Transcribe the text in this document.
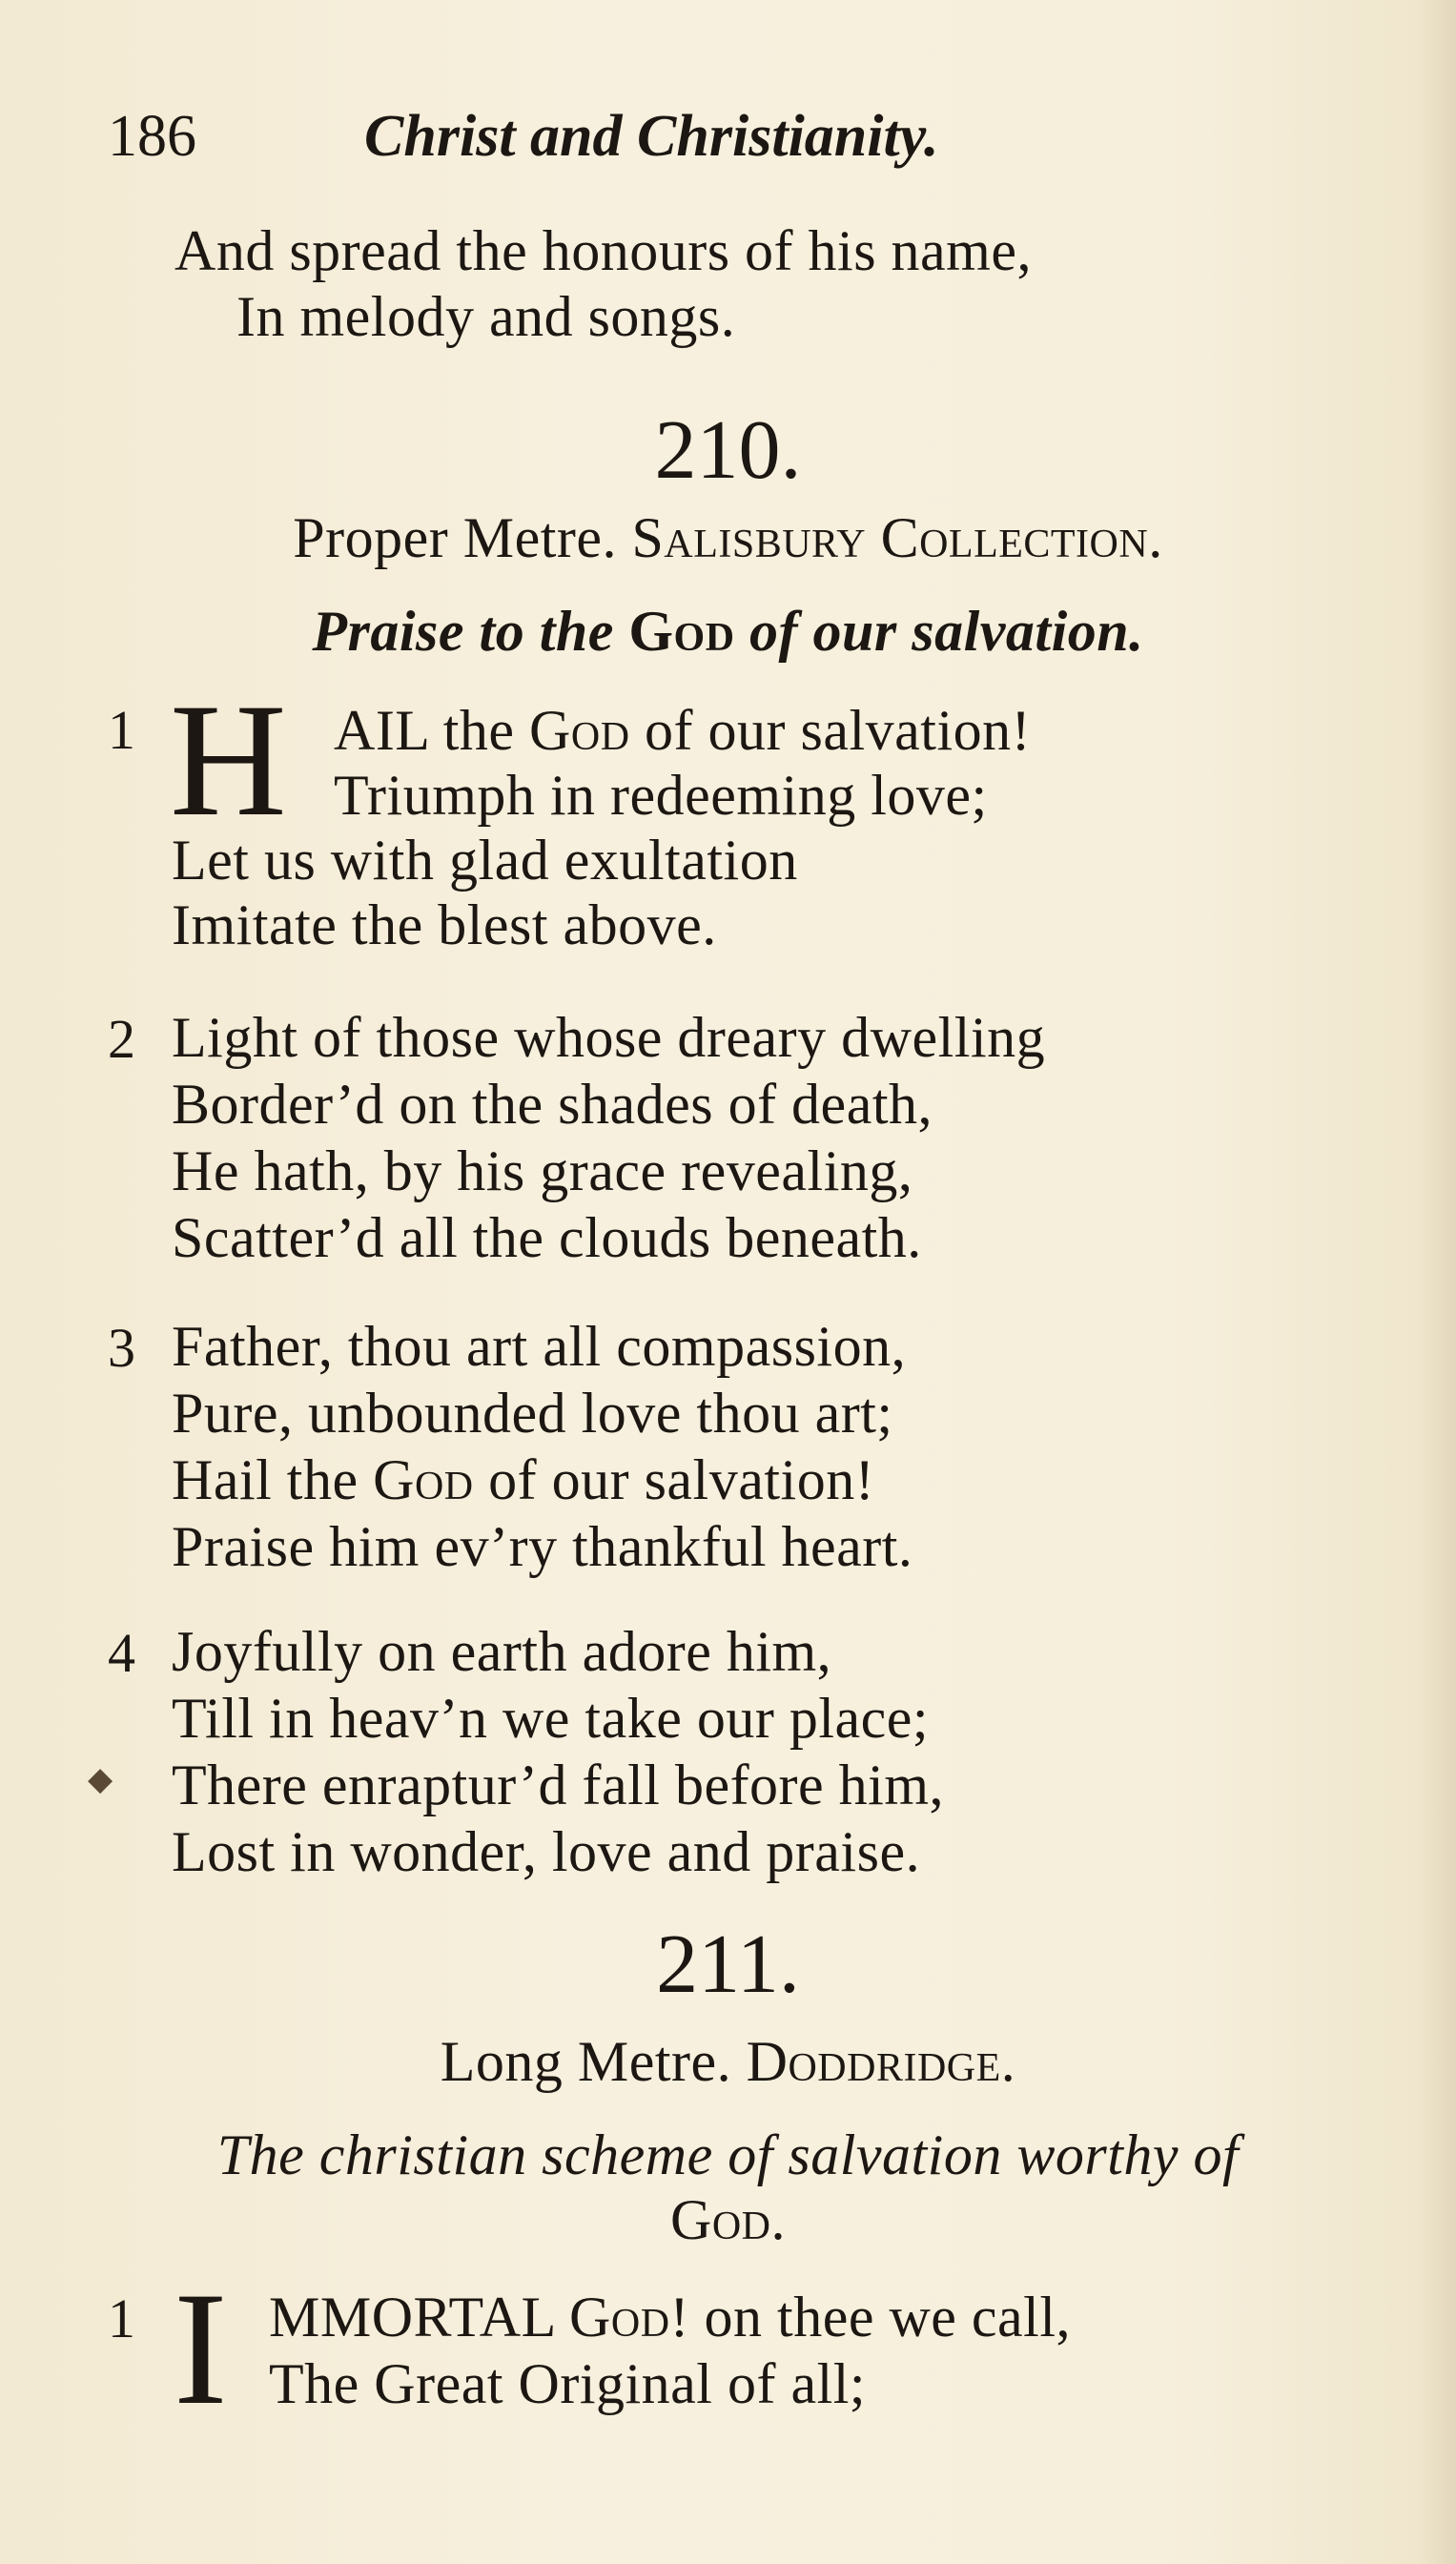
186	Christ and Christianity.
And spread the honours of his name,
In melody and songs.
210.
Proper Metre. Salisbury Collection.
Praise to the God of our salvation.
1 H AIL the God of our salvation!
Triumph in redeeming love;
Let us with glad exultation
Imitate the blest above.
2 Light of those whose dreary dwelling
Border’d on the shades of death,
He hath, by his grace revealing,
Scatter’d all the clouds beneath.
3 Father, thou art all compassion,
Pure, unbounded love thou art;
Hail the God of our salvation!
Praise him ev’ry thankful heart.
4 Joyfully on earth adore him,
Till in heav’n we take our place;
◆ There enraptur’d fall before him,
Lost in wonder, love and praise.
211.
Long Metre. Doddridge.
The christian scheme of salvation worthy of
God.
1 I MMORTAL God! on thee we call,
The Great Original of all;
